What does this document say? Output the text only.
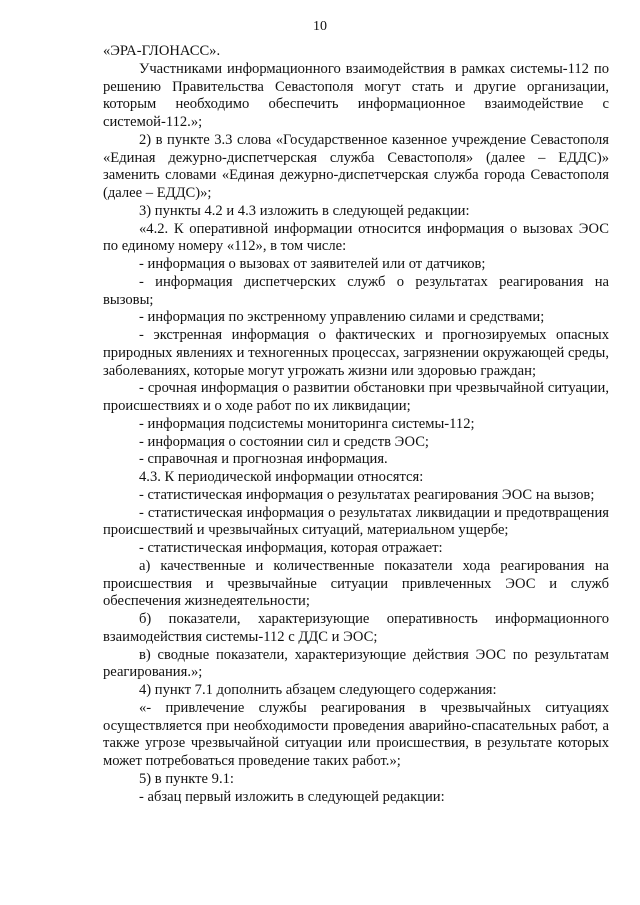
10

«ЭРА-ГЛОНАСС».

Участниками информационного взаимодействия в рамках системы-112 по решению Правительства Севастополя могут стать и другие организации, которым необходимо обеспечить информационное взаимодействие с системой-112.»;

2) в пункте 3.3 слова «Государственное казенное учреждение Севастополя «Единая дежурно-диспетчерская служба Севастополя» (далее – ЕДДС)» заменить словами «Единая дежурно-диспетчерская служба города Севастополя (далее – ЕДДС)»;

3) пункты 4.2 и 4.3 изложить в следующей редакции:

«4.2. К оперативной информации относится информация о вызовах ЭОС по единому номеру «112», в том числе:

- информация о вызовах от заявителей или от датчиков;

- информация диспетчерских служб о результатах реагирования на вызовы;

- информация по экстренному управлению силами и средствами;

- экстренная информация о фактических и прогнозируемых опасных природных явлениях и техногенных процессах, загрязнении окружающей среды, заболеваниях, которые могут угрожать жизни или здоровью граждан;

- срочная информация о развитии обстановки при чрезвычайной ситуации, происшествиях и о ходе работ по их ликвидации;

- информация подсистемы мониторинга системы-112;

- информация о состоянии сил и средств ЭОС;

- справочная и прогнозная информация.

4.3. К периодической информации относятся:

- статистическая информация о результатах реагирования ЭОС на вызов;

- статистическая информация о результатах ликвидации и предотвращения происшествий и чрезвычайных ситуаций, материальном ущербе;

- статистическая информация, которая отражает:

а) качественные и количественные показатели хода реагирования на происшествия и чрезвычайные ситуации привлеченных ЭОС и служб обеспечения жизнедеятельности;

б) показатели, характеризующие оперативность информационного взаимодействия системы-112 с ДДС и ЭОС;

в) сводные показатели, характеризующие действия ЭОС по результатам реагирования.»;

4) пункт 7.1 дополнить абзацем следующего содержания:

«- привлечение службы реагирования в чрезвычайных ситуациях осуществляется при необходимости проведения аварийно-спасательных работ, а также угрозе чрезвычайной ситуации или происшествия, в результате которых может потребоваться проведение таких работ.»;

5) в пункте 9.1:

- абзац первый изложить в следующей редакции:
